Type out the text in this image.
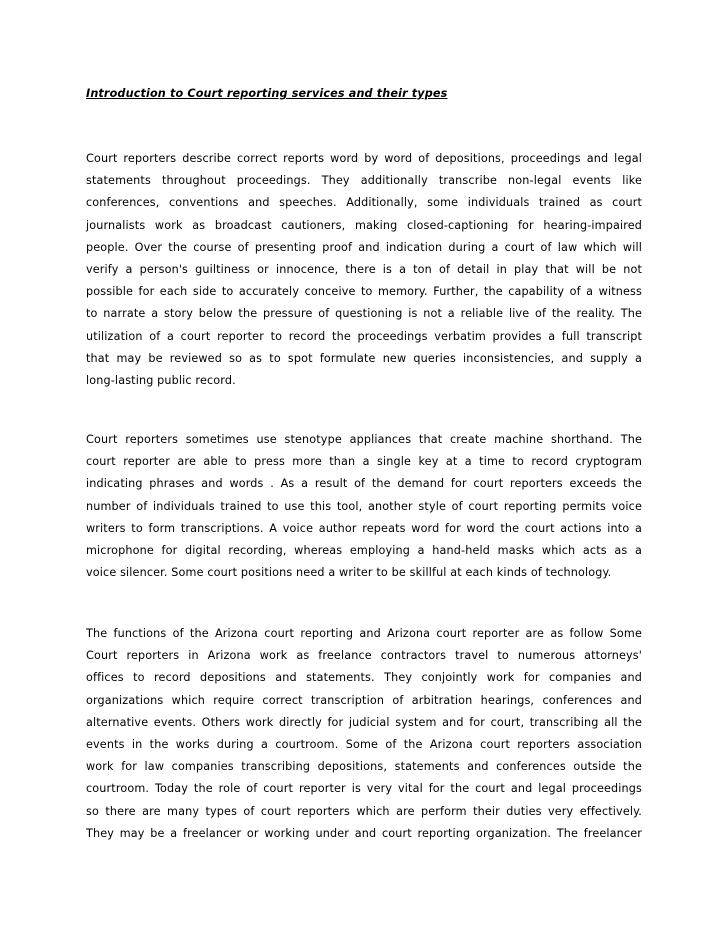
Introduction to Court reporting services and their types
Court reporters describe correct reports word by word of depositions, proceedings and legal
statements throughout proceedings. They additionally transcribe non-legal events like
conferences, conventions and speeches. Additionally, some individuals trained as court
journalists work as broadcast cautioners, making closed-captioning for hearing-impaired
people. Over the course of presenting proof and indication during a court of law which will
verify a person's guiltiness or innocence, there is a ton of detail in play that will be not
possible for each side to accurately conceive to memory. Further, the capability of a witness
to narrate a story below the pressure of questioning is not a reliable live of the reality. The
utilization of a court reporter to record the proceedings verbatim provides a full transcript
that may be reviewed so as to spot formulate new queries inconsistencies, and supply a
long-lasting public record.
Court reporters sometimes use stenotype appliances that create machine shorthand. The
court reporter are able to press more than a single key at a time to record cryptogram
indicating phrases and words . As a result of the demand for court reporters exceeds the
number of individuals trained to use this tool, another style of court reporting permits voice
writers to form transcriptions. A voice author repeats word for word the court actions into a
microphone for digital recording, whereas employing a hand-held masks which acts as a
voice silencer. Some court positions need a writer to be skillful at each kinds of technology.
The functions of the Arizona court reporting and Arizona court reporter are as follow Some
Court reporters in Arizona work as freelance contractors travel to numerous attorneys'
offices to record depositions and statements. They conjointly work for companies and
organizations which require correct transcription of arbitration hearings, conferences and
alternative events. Others work directly for judicial system and for court, transcribing all the
events in the works during a courtroom. Some of the Arizona court reporters association
work for law companies transcribing depositions, statements and conferences outside the
courtroom. Today the role of court reporter is very vital for the court and legal proceedings
so there are many types of court reporters which are perform their duties very effectively.
They may be a freelancer or working under and court reporting organization. The freelancer
